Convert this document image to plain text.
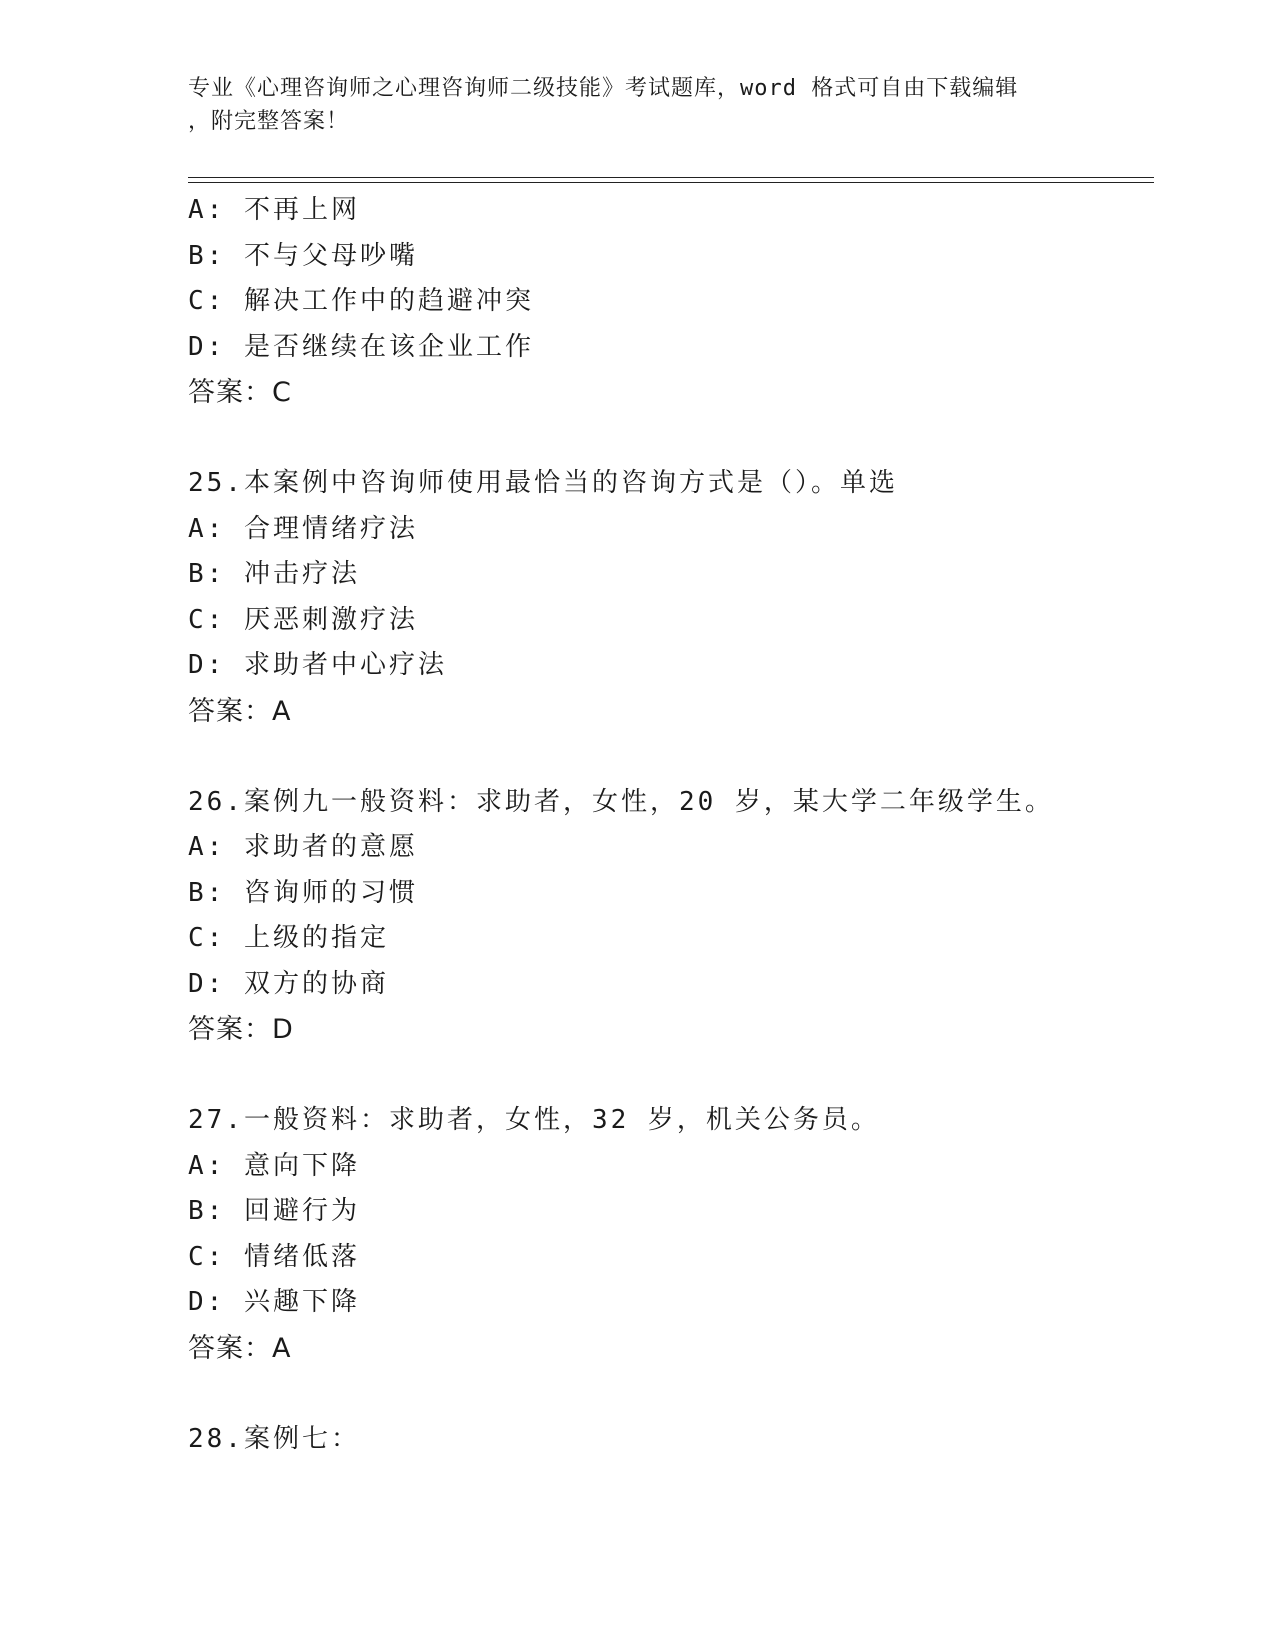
专业《心理咨询师之心理咨询师二级技能》考试题库，word 格式可自由下载编辑
，附完整答案！
A: 不再上网
B: 不与父母吵嘴
C: 解决工作中的趋避冲突
D: 是否继续在该企业工作
答案：C
25.本案例中咨询师使用最恰当的咨询方式是（）。单选
A: 合理情绪疗法
B: 冲击疗法
C: 厌恶刺激疗法
D: 求助者中心疗法
答案：A
26.案例九一般资料：求助者，女性，20 岁，某大学二年级学生。
A: 求助者的意愿
B: 咨询师的习惯
C: 上级的指定
D: 双方的协商
答案：D
27.一般资料：求助者，女性，32 岁，机关公务员。
A: 意向下降
B: 回避行为
C: 情绪低落
D: 兴趣下降
答案：A
28.案例七：
